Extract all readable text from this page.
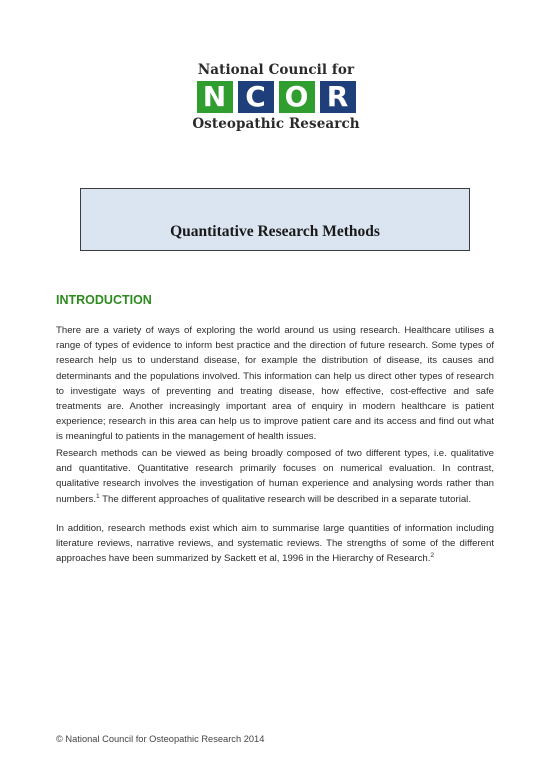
National Council for
N C O R
Osteopathic Research
Quantitative Research Methods
INTRODUCTION

There are a variety of ways of exploring the world around us using research. Healthcare utilises a range of types of evidence to inform best practice and the direction of future research. Some types of research help us to understand disease, for example the distribution of disease, its causes and determinants and the populations involved. This information can help us direct other types of research to investigate ways of preventing and treating disease, how effective, cost-effective and safe treatments are. Another increasingly important area of enquiry in modern healthcare is patient experience; research in this area can help us to improve patient care and its access and find out what is meaningful to patients in the management of health issues.

Research methods can be viewed as being broadly composed of two different types, i.e. qualitative and quantitative. Quantitative research primarily focuses on numerical evaluation. In contrast, qualitative research involves the investigation of human experience and analysing words rather than numbers.$^1$ The different approaches of qualitative research will be described in a separate tutorial.

In addition, research methods exist which aim to summarise large quantities of information including literature reviews, narrative reviews, and systematic reviews. The strengths of some of the different approaches have been summarized by Sackett et al, 1996 in the Hierarchy of Research.$^2$

© National Council for Osteopathic Research 2014
